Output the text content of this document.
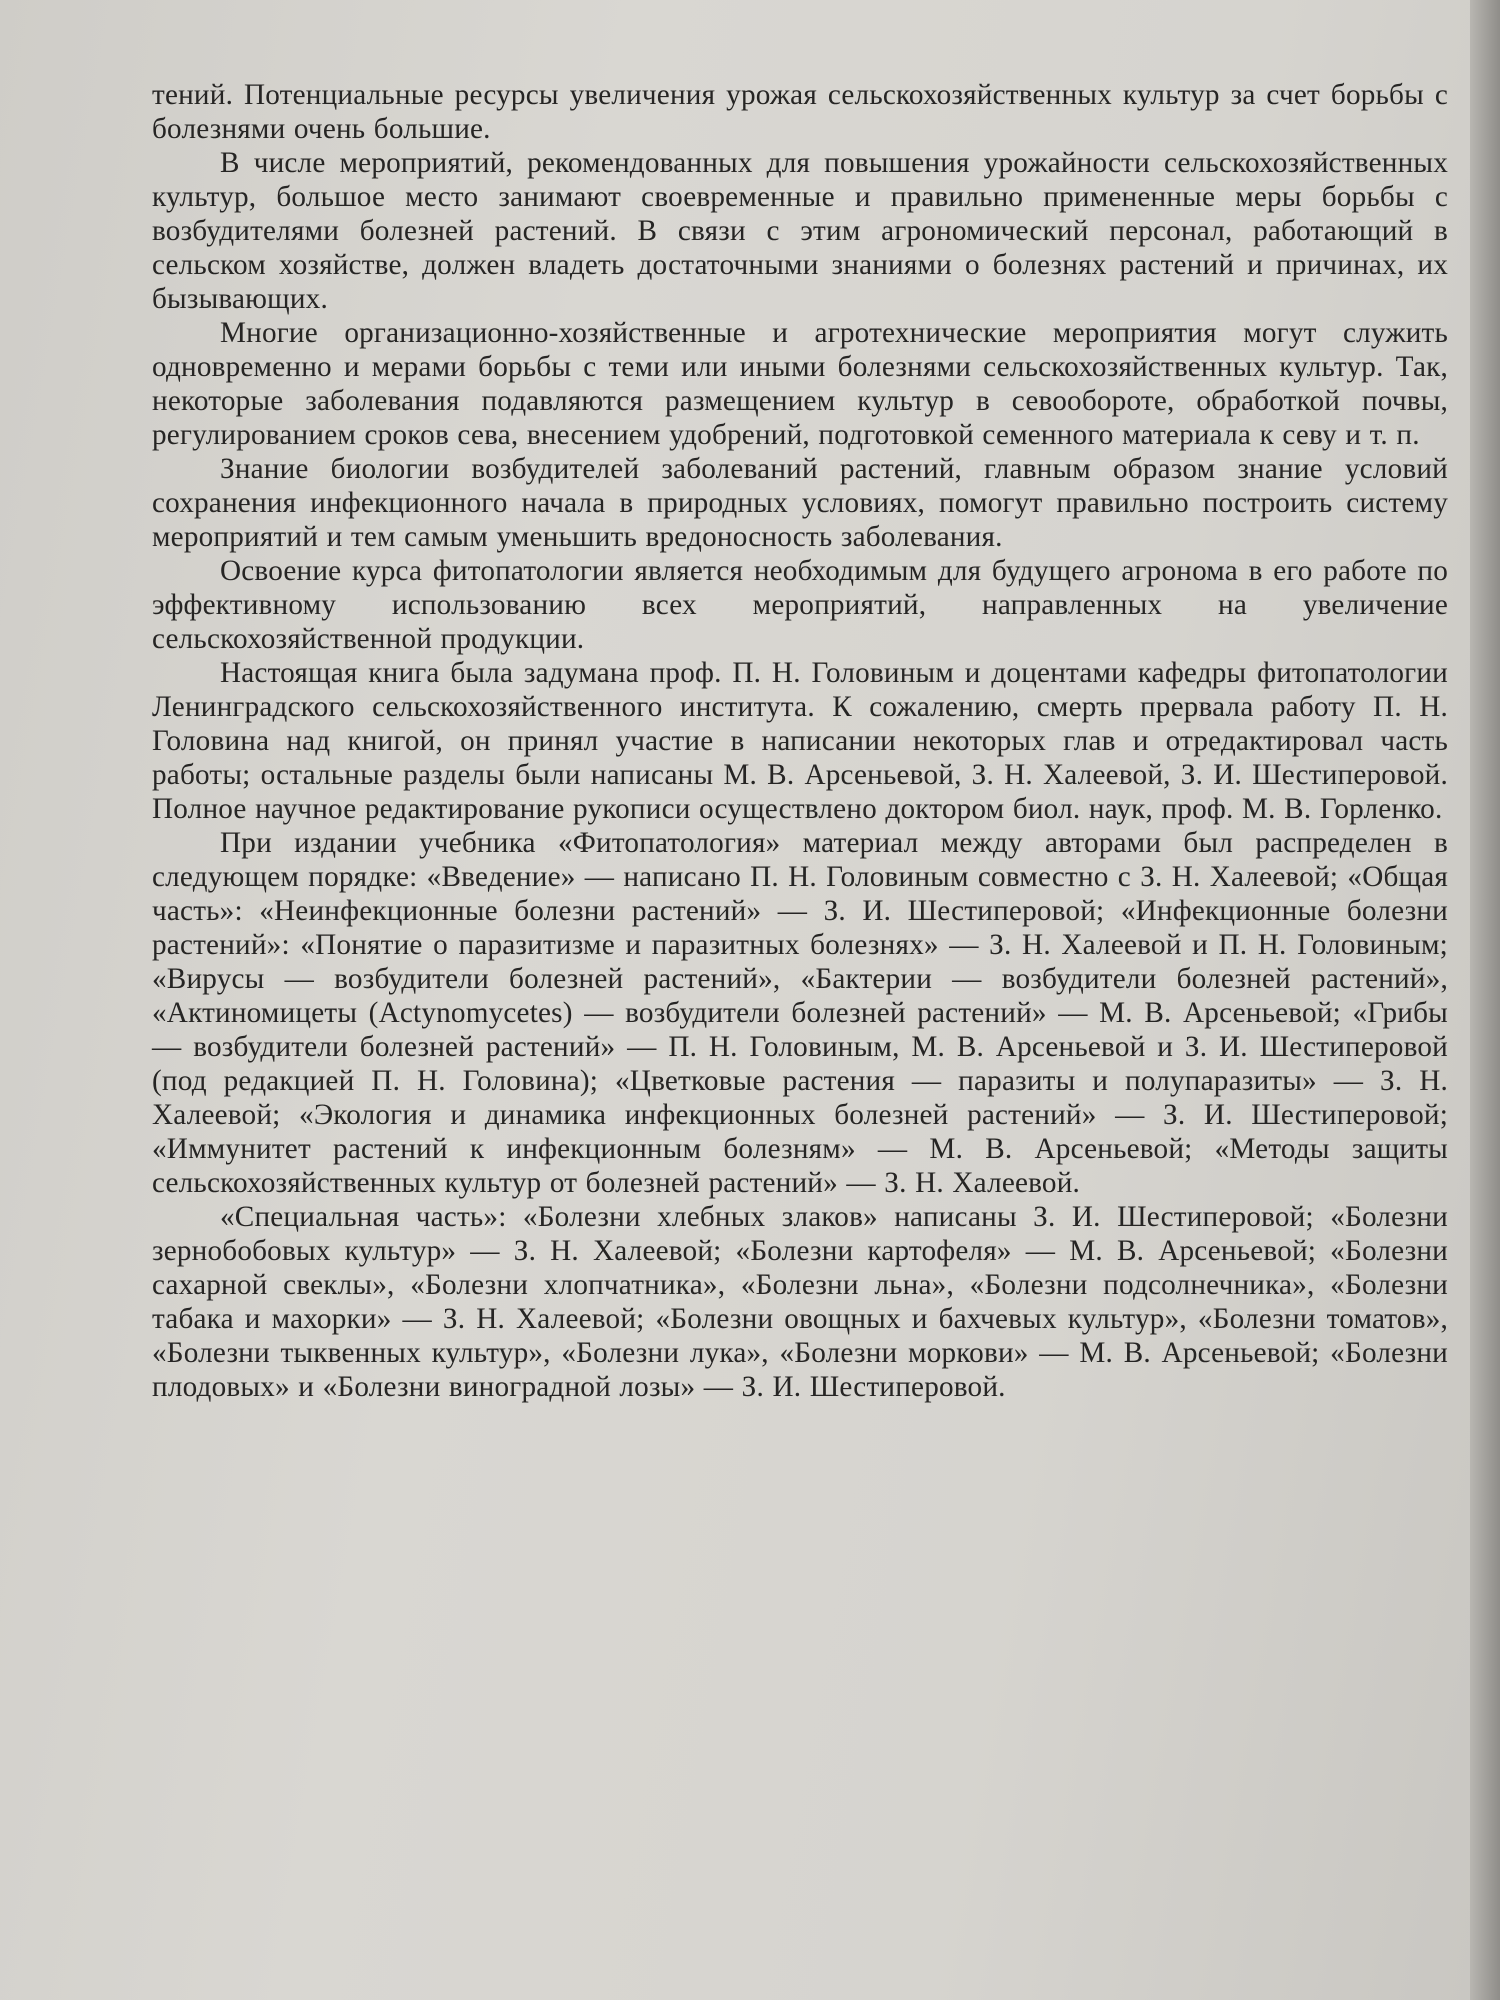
тений. Потенциальные ресурсы увеличения урожая сельскохозяйственных культур за счет борьбы с болезнями очень большие.

В числе мероприятий, рекомендованных для повышения урожайности сельскохозяйственных культур, большое место занимают своевременные и правильно примененные меры борьбы с возбудителями болезней растений. В связи с этим агрономический персонал, работающий в сельском хозяйстве, должен владеть достаточными знаниями о болезнях растений и причинах, их бызывающих.

Многие организационно-хозяйственные и агротехнические мероприятия могут служить одновременно и мерами борьбы с теми или иными болезнями сельскохозяйственных культур. Так, некоторые заболевания подавляются размещением культур в севообороте, обработкой почвы, регулированием сроков сева, внесением удобрений, подготовкой семенного материала к севу и т. п.

Знание биологии возбудителей заболеваний растений, главным образом знание условий сохранения инфекционного начала в природных условиях, помогут правильно построить систему мероприятий и тем самым уменьшить вредоносность заболевания.

Освоение курса фитопатологии является необходимым для будущего агронома в его работе по эффективному использованию всех мероприятий, направленных на увеличение сельскохозяйственной продукции.

Настоящая книга была задумана проф. П. Н. Головиным и доцентами кафедры фитопатологии Ленинградского сельскохозяйственного института. К сожалению, смерть прервала работу П. Н. Головина над книгой, он принял участие в написании некоторых глав и отредактировал часть работы; остальные разделы были написаны М. В. Арсеньевой, З. Н. Халеевой, З. И. Шестиперовой. Полное научное редактирование рукописи осуществлено доктором биол. наук, проф. М. В. Горленко.

При издании учебника «Фитопатология» материал между авторами был распределен в следующем порядке: «Введение» — написано П. Н. Головиным совместно с З. Н. Халеевой; «Общая часть»: «Неинфекционные болезни растений» — З. И. Шестиперовой; «Инфекционные болезни растений»: «Понятие о паразитизме и паразитных болезнях» — З. Н. Халеевой и П. Н. Головиным; «Вирусы — возбудители болезней растений», «Бактерии — возбудители болезней растений», «Актиномицеты (Actynomycetes) — возбудители болезней растений» — М. В. Арсеньевой; «Грибы — возбудители болезней растений» — П. Н. Головиным, М. В. Арсеньевой и З. И. Шестиперовой (под редакцией П. Н. Головина); «Цветковые растения — паразиты и полупаразиты» — З. Н. Халеевой; «Экология и динамика инфекционных болезней растений» — З. И. Шестиперовой; «Иммунитет растений к инфекционным болезням» — М. В. Арсеньевой; «Методы защиты сельскохозяйственных культур от болезней растений» — З. Н. Халеевой.

«Специальная часть»: «Болезни хлебных злаков» написаны З. И. Шестиперовой; «Болезни зернобобовых культур» — З. Н. Халеевой; «Болезни картофеля» — М. В. Арсеньевой; «Болезни сахарной свеклы», «Болезни хлопчатника», «Болезни льна», «Болезни подсолнечника», «Болезни табака и махорки» — З. Н. Халеевой; «Болезни овощных и бахчевых культур», «Болезни томатов», «Болезни тыквенных культур», «Болезни лука», «Болезни моркови» — М. В. Арсеньевой; «Болезни плодовых» и «Болезни виноградной лозы» — З. И. Шестиперовой.
